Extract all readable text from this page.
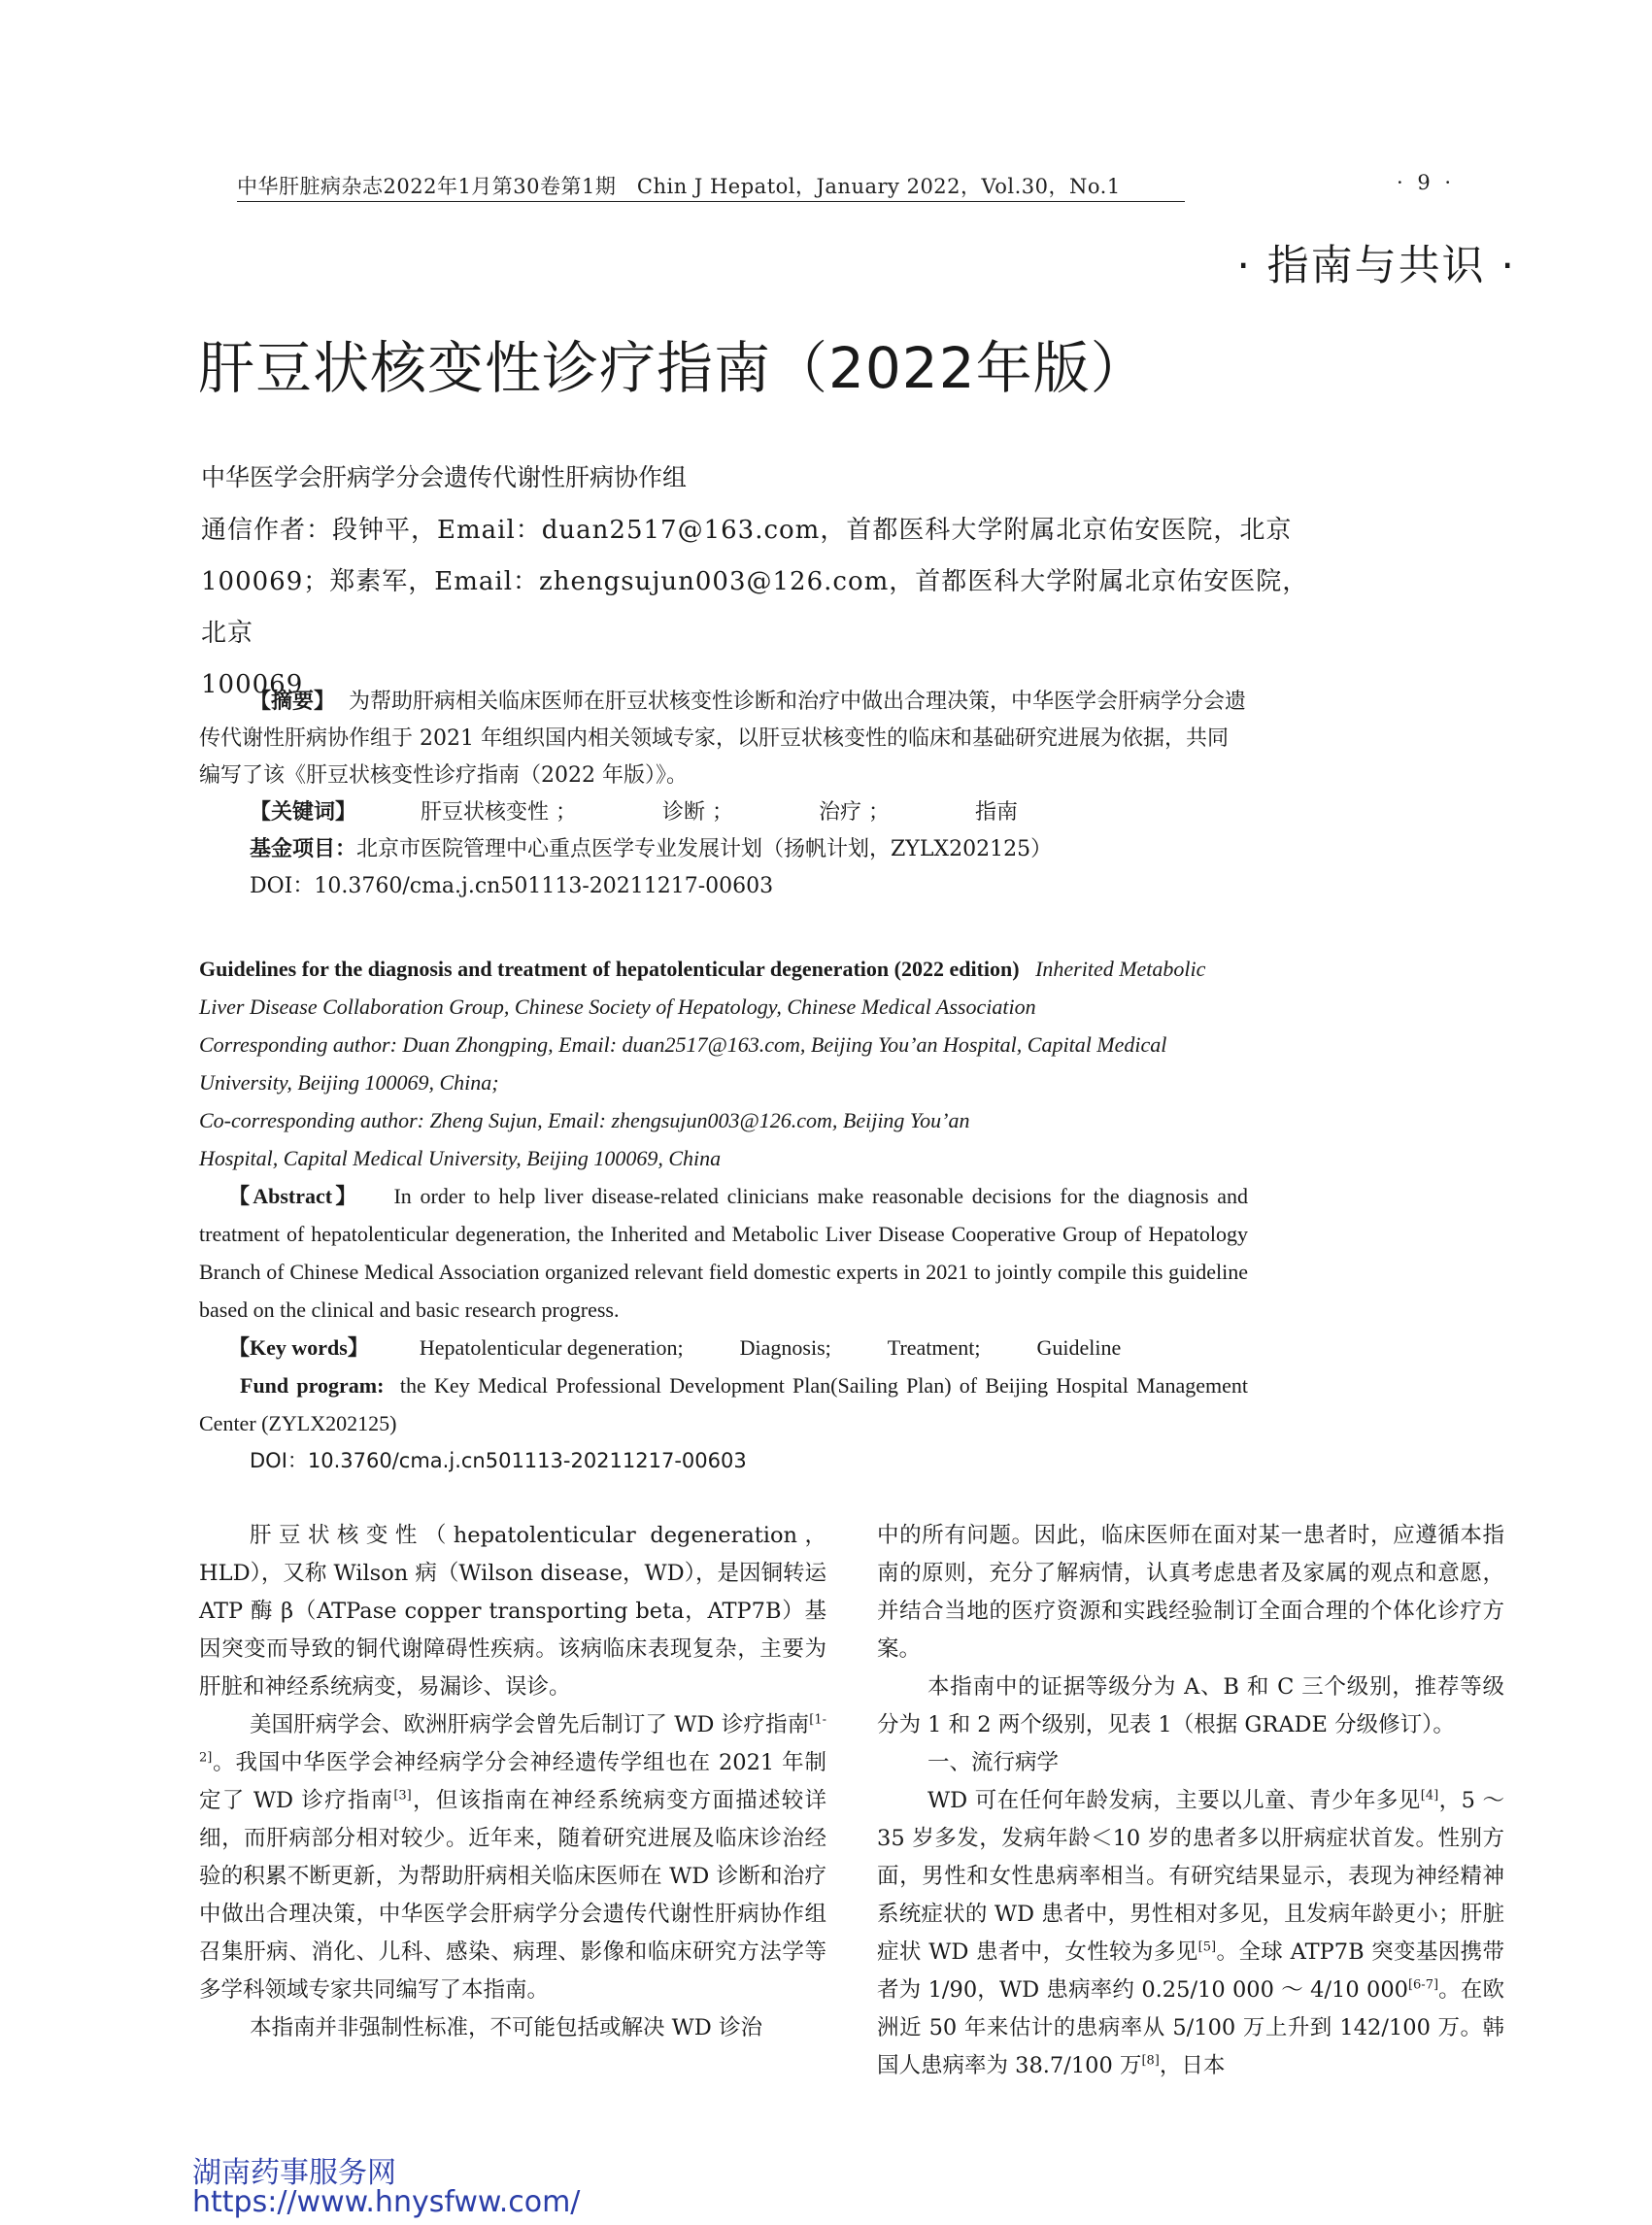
中华肝脏病杂志2022年1月第30卷第1期　Chin J Hepatol，January 2022，Vol.30，No.1	· 9 ·
· 指南与共识 ·
肝豆状核变性诊疗指南（2022年版）
中华医学会肝病学分会遗传代谢性肝病协作组
通信作者：段钟平，Email：duan2517@163.com，首都医科大学附属北京佑安医院，北京
100069；郑素军，Email：zhengsujun003@126.com，首都医科大学附属北京佑安医院，北京
100069

【摘要】 为帮助肝病相关临床医师在肝豆状核变性诊断和治疗中做出合理决策，中华医学会肝病学分会遗传代谢性肝病协作组于 2021 年组织国内相关领域专家，以肝豆状核变性的临床和基础研究进展为依据，共同编写了该《肝豆状核变性诊疗指南（2022 年版）》。

【关键词】	肝豆状核变性 ；	诊断 ；	治疗 ；	指南

基金项目：北京市医院管理中心重点医学专业发展计划（扬帆计划，ZYLX202125）

DOI：10.3760/cma.j.cn501113-20211217-00603

Guidelines for the diagnosis and treatment of hepatolenticular degeneration (2022 edition) Inherited Metabolic Liver Disease Collaboration Group, Chinese Society of Hepatology, Chinese Medical Association

Corresponding author: Duan Zhongping, Email: duan2517@163.com, Beijing You’an Hospital, Capital Medical University, Beijing 100069, China;

Co-corresponding author: Zheng Sujun, Email: zhengsujun003@126.com, Beijing You’an

Hospital, Capital Medical University, Beijing 100069, China

【Abstract】 In order to help liver disease-related clinicians make reasonable decisions for the diagnosis and treatment of hepatolenticular degeneration, the Inherited and Metabolic Liver Disease Cooperative Group of Hepatology Branch of Chinese Medical Association organized relevant field domestic experts in 2021 to jointly compile this guideline based on the clinical and basic research progress.

【Key words】 Hepatolenticular degeneration;	Diagnosis;	Treatment;	Guideline

Fund program: the Key Medical Professional Development Plan(Sailing Plan) of Beijing Hospital Management Center (ZYLX202125)

DOI：10.3760/cma.j.cn501113-20211217-00603

肝豆状核变性（hepatolenticular degeneration，HLD），又称 Wilson 病（Wilson disease，WD），是因铜转运 ATP 酶 β（ATPase copper transporting beta，ATP7B）基因突变而导致的铜代谢障碍性疾病。该病临床表现复杂，主要为肝脏和神经系统病变，易漏诊、误诊。

美国肝病学会、欧洲肝病学会曾先后制订了 WD 诊疗指南[1-2]。我国中华医学会神经病学分会神经遗传学组也在 2021 年制定了 WD 诊疗指南[3]，但该指南在神经系统病变方面描述较详细，而肝病部分相对较少。近年来，随着研究进展及临床诊治经验的积累不断更新，为帮助肝病相关临床医师在 WD 诊断和治疗中做出合理决策，中华医学会肝病学分会遗传代谢性肝病协作组召集肝病、消化、儿科、感染、病理、影像和临床研究方法学等多学科领域专家共同编写了本指南。

本指南并非强制性标准，不可能包括或解决 WD 诊治

中的所有问题。因此，临床医师在面对某一患者时，应遵循本指南的原则，充分了解病情，认真考虑患者及家属的观点和意愿，并结合当地的医疗资源和实践经验制订全面合理的个体化诊疗方案。

本指南中的证据等级分为 A、B 和 C 三个级别，推荐等级分为 1 和 2 两个级别，见表 1（根据 GRADE 分级修订）。

一、流行病学

WD 可在任何年龄发病，主要以儿童、青少年多见[4]，5 ～ 35 岁多发，发病年龄＜10 岁的患者多以肝病症状首发。性别方面，男性和女性患病率相当。有研究结果显示，表现为神经精神系统症状的 WD 患者中，男性相对多见，且发病年龄更小；肝脏症状 WD 患者中，女性较为多见[5]。全球 ATP7B 突变基因携带者为 1/90，WD 患病率约 0.25/10 000 ～ 4/10 000[6-7]。在欧洲近 50 年来估计的患病率从 5/100 万上升到 142/100 万。韩国人患病率为 38.7/100 万[8]，日本

湖南药事服务网
https://www.hnysfww.com/
